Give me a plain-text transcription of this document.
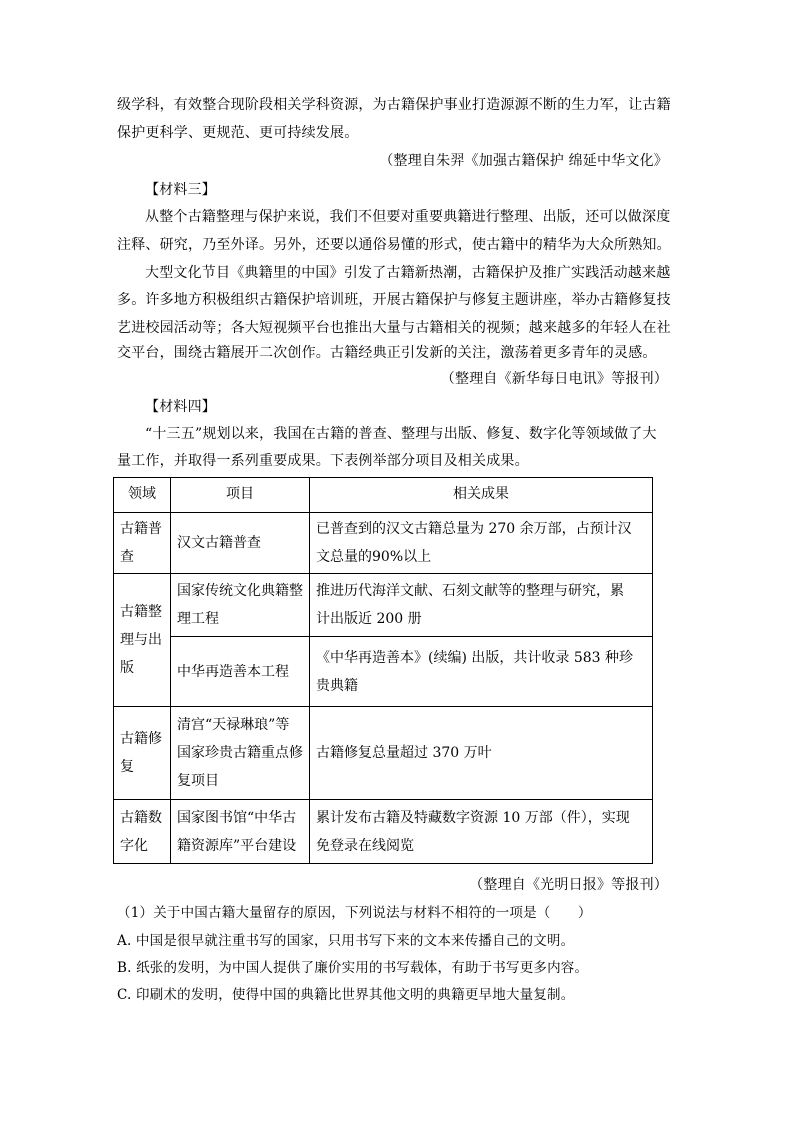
级学科，有效整合现阶段相关学科资源，为古籍保护事业打造源源不断的生力军，让古籍
保护更科学、更规范、更可持续发展。
（整理自朱羿《加强古籍保护 绵延中华文化》
【材料三】
从整个古籍整理与保护来说，我们不但要对重要典籍进行整理、出版，还可以做深度
注释、研究，乃至外译。另外，还要以通俗易懂的形式，使古籍中的精华为大众所熟知。
大型文化节目《典籍里的中国》引发了古籍新热潮，古籍保护及推广实践活动越来越
多。许多地方积极组织古籍保护培训班，开展古籍保护与修复主题讲座，举办古籍修复技
艺进校园活动等；各大短视频平台也推出大量与古籍相关的视频；越来越多的年轻人在社
交平台，围绕古籍展开二次创作。古籍经典正引发新的关注，激荡着更多青年的灵感。
（整理自《新华每日电讯》等报刊）
【材料四】
“十三五”规划以来，我国在古籍的普查、整理与出版、修复、数字化等领域做了大
量工作，并取得一系列重要成果。下表例举部分项目及相关成果。
领域	项目	相关成果
古籍普
查	汉文古籍普查	已普查到的汉文古籍总量为 270 余万部，占预计汉
文总量的90%以上
古籍整
理与出
版	国家传统文化典籍整
理工程	推进历代海洋文献、石刻文献等的整理与研究，累
计出版近 200 册
	中华再造善本工程	《中华再造善本》(续编) 出版，共计收录 583 种珍
贵典籍
古籍修
复	清宫“天禄琳琅”等
国家珍贵古籍重点修
复项目	古籍修复总量超过 370 万叶
古籍数
字化	国家图书馆“中华古
籍资源库”平台建设	累计发布古籍及特藏数字资源 10 万部（件），实现
免登录在线阅览
（整理自《光明日报》等报刊）
（1）关于中国古籍大量留存的原因，下列说法与材料不相符的一项是（　　）
A. 中国是很早就注重书写的国家，只用书写下来的文本来传播自己的文明。
B. 纸张的发明，为中国人提供了廉价实用的书写载体，有助于书写更多内容。
C. 印刷术的发明，使得中国的典籍比世界其他文明的典籍更早地大量复制。
